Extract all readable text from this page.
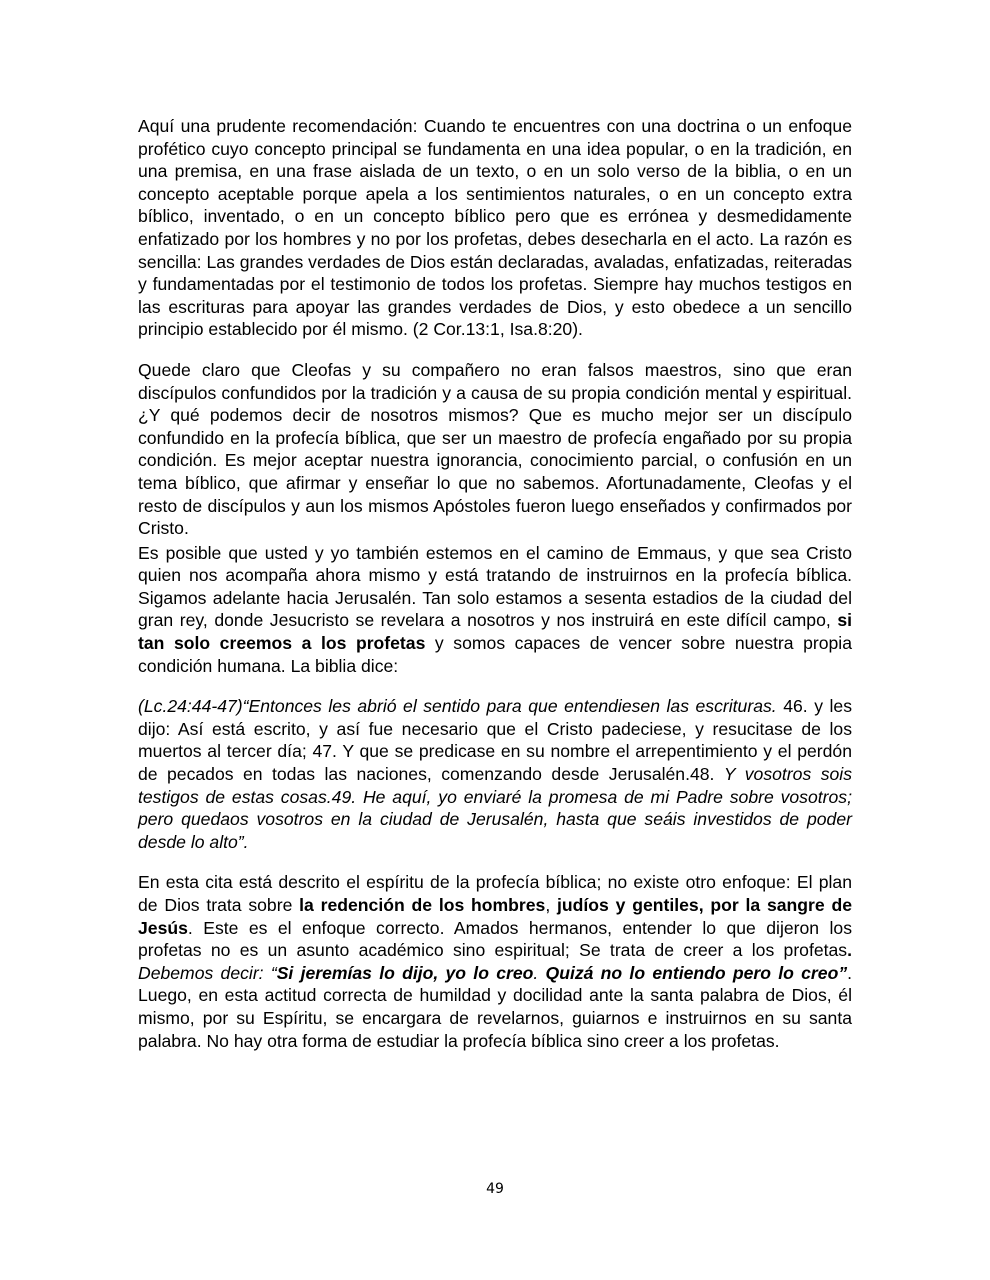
Aquí una prudente recomendación: Cuando te encuentres con una doctrina o un enfoque profético cuyo concepto principal se fundamenta en una idea popular, o en la tradición, en una premisa, en una frase aislada de un texto, o en un solo verso de la biblia, o en un concepto aceptable porque apela a los sentimientos naturales, o en un concepto extra bíblico, inventado, o en un concepto bíblico pero que es errónea y desmedidamente enfatizado por los hombres y no por los profetas, debes desecharla en el acto. La razón es sencilla: Las grandes verdades de Dios están declaradas, avaladas, enfatizadas, reiteradas y fundamentadas por el testimonio de todos los profetas. Siempre hay muchos testigos en las escrituras para apoyar las grandes verdades de Dios, y esto obedece a un sencillo principio establecido por él mismo. (2 Cor.13:1, Isa.8:20).

Quede claro que Cleofas y su compañero no eran falsos maestros, sino que eran discípulos confundidos por la tradición y a causa de su propia condición mental y espiritual. ¿Y qué podemos decir de nosotros mismos? Que es mucho mejor ser un discípulo confundido en la profecía bíblica, que ser un maestro de profecía engañado por su propia condición. Es mejor aceptar nuestra ignorancia, conocimiento parcial, o confusión en un tema bíblico, que afirmar y enseñar lo que no sabemos. Afortunadamente, Cleofas y el resto de discípulos y aun los mismos Apóstoles fueron luego enseñados y confirmados por Cristo.

Es posible que usted y yo también estemos en el camino de Emmaus, y que sea Cristo quien nos acompaña ahora mismo y está tratando de instruirnos en la profecía bíblica. Sigamos adelante hacia Jerusalén. Tan solo estamos a sesenta estadios de la ciudad del gran rey, donde Jesucristo se revelara a nosotros y nos instruirá en este difícil campo, si tan solo creemos a los profetas y somos capaces de vencer sobre nuestra propia condición humana. La biblia dice:

(Lc.24:44-47)“Entonces les abrió el sentido para que entendiesen las escrituras. 46. y les dijo: Así está escrito, y así fue necesario que el Cristo padeciese, y resucitase de los muertos al tercer día; 47. Y que se predicase en su nombre el arrepentimiento y el perdón de pecados en todas las naciones, comenzando desde Jerusalén.48. Y vosotros sois testigos de estas cosas.49. He aquí, yo enviaré la promesa de mi Padre sobre vosotros; pero quedaos vosotros en la ciudad de Jerusalén, hasta que seáis investidos de poder desde lo alto”.

En esta cita está descrito el espíritu de la profecía bíblica; no existe otro enfoque: El plan de Dios trata sobre la redención de los hombres, judíos y gentiles, por la sangre de Jesús. Este es el enfoque correcto. Amados hermanos, entender lo que dijeron los profetas no es un asunto académico sino espiritual; Se trata de creer a los profetas. Debemos decir: “Si jeremías lo dijo, yo lo creo. Quizá no lo entiendo pero lo creo”. Luego, en esta actitud correcta de humildad y docilidad ante la santa palabra de Dios, él mismo, por su Espíritu, se encargara de revelarnos, guiarnos e instruirnos en su santa palabra. No hay otra forma de estudiar la profecía bíblica sino creer a los profetas.

49
